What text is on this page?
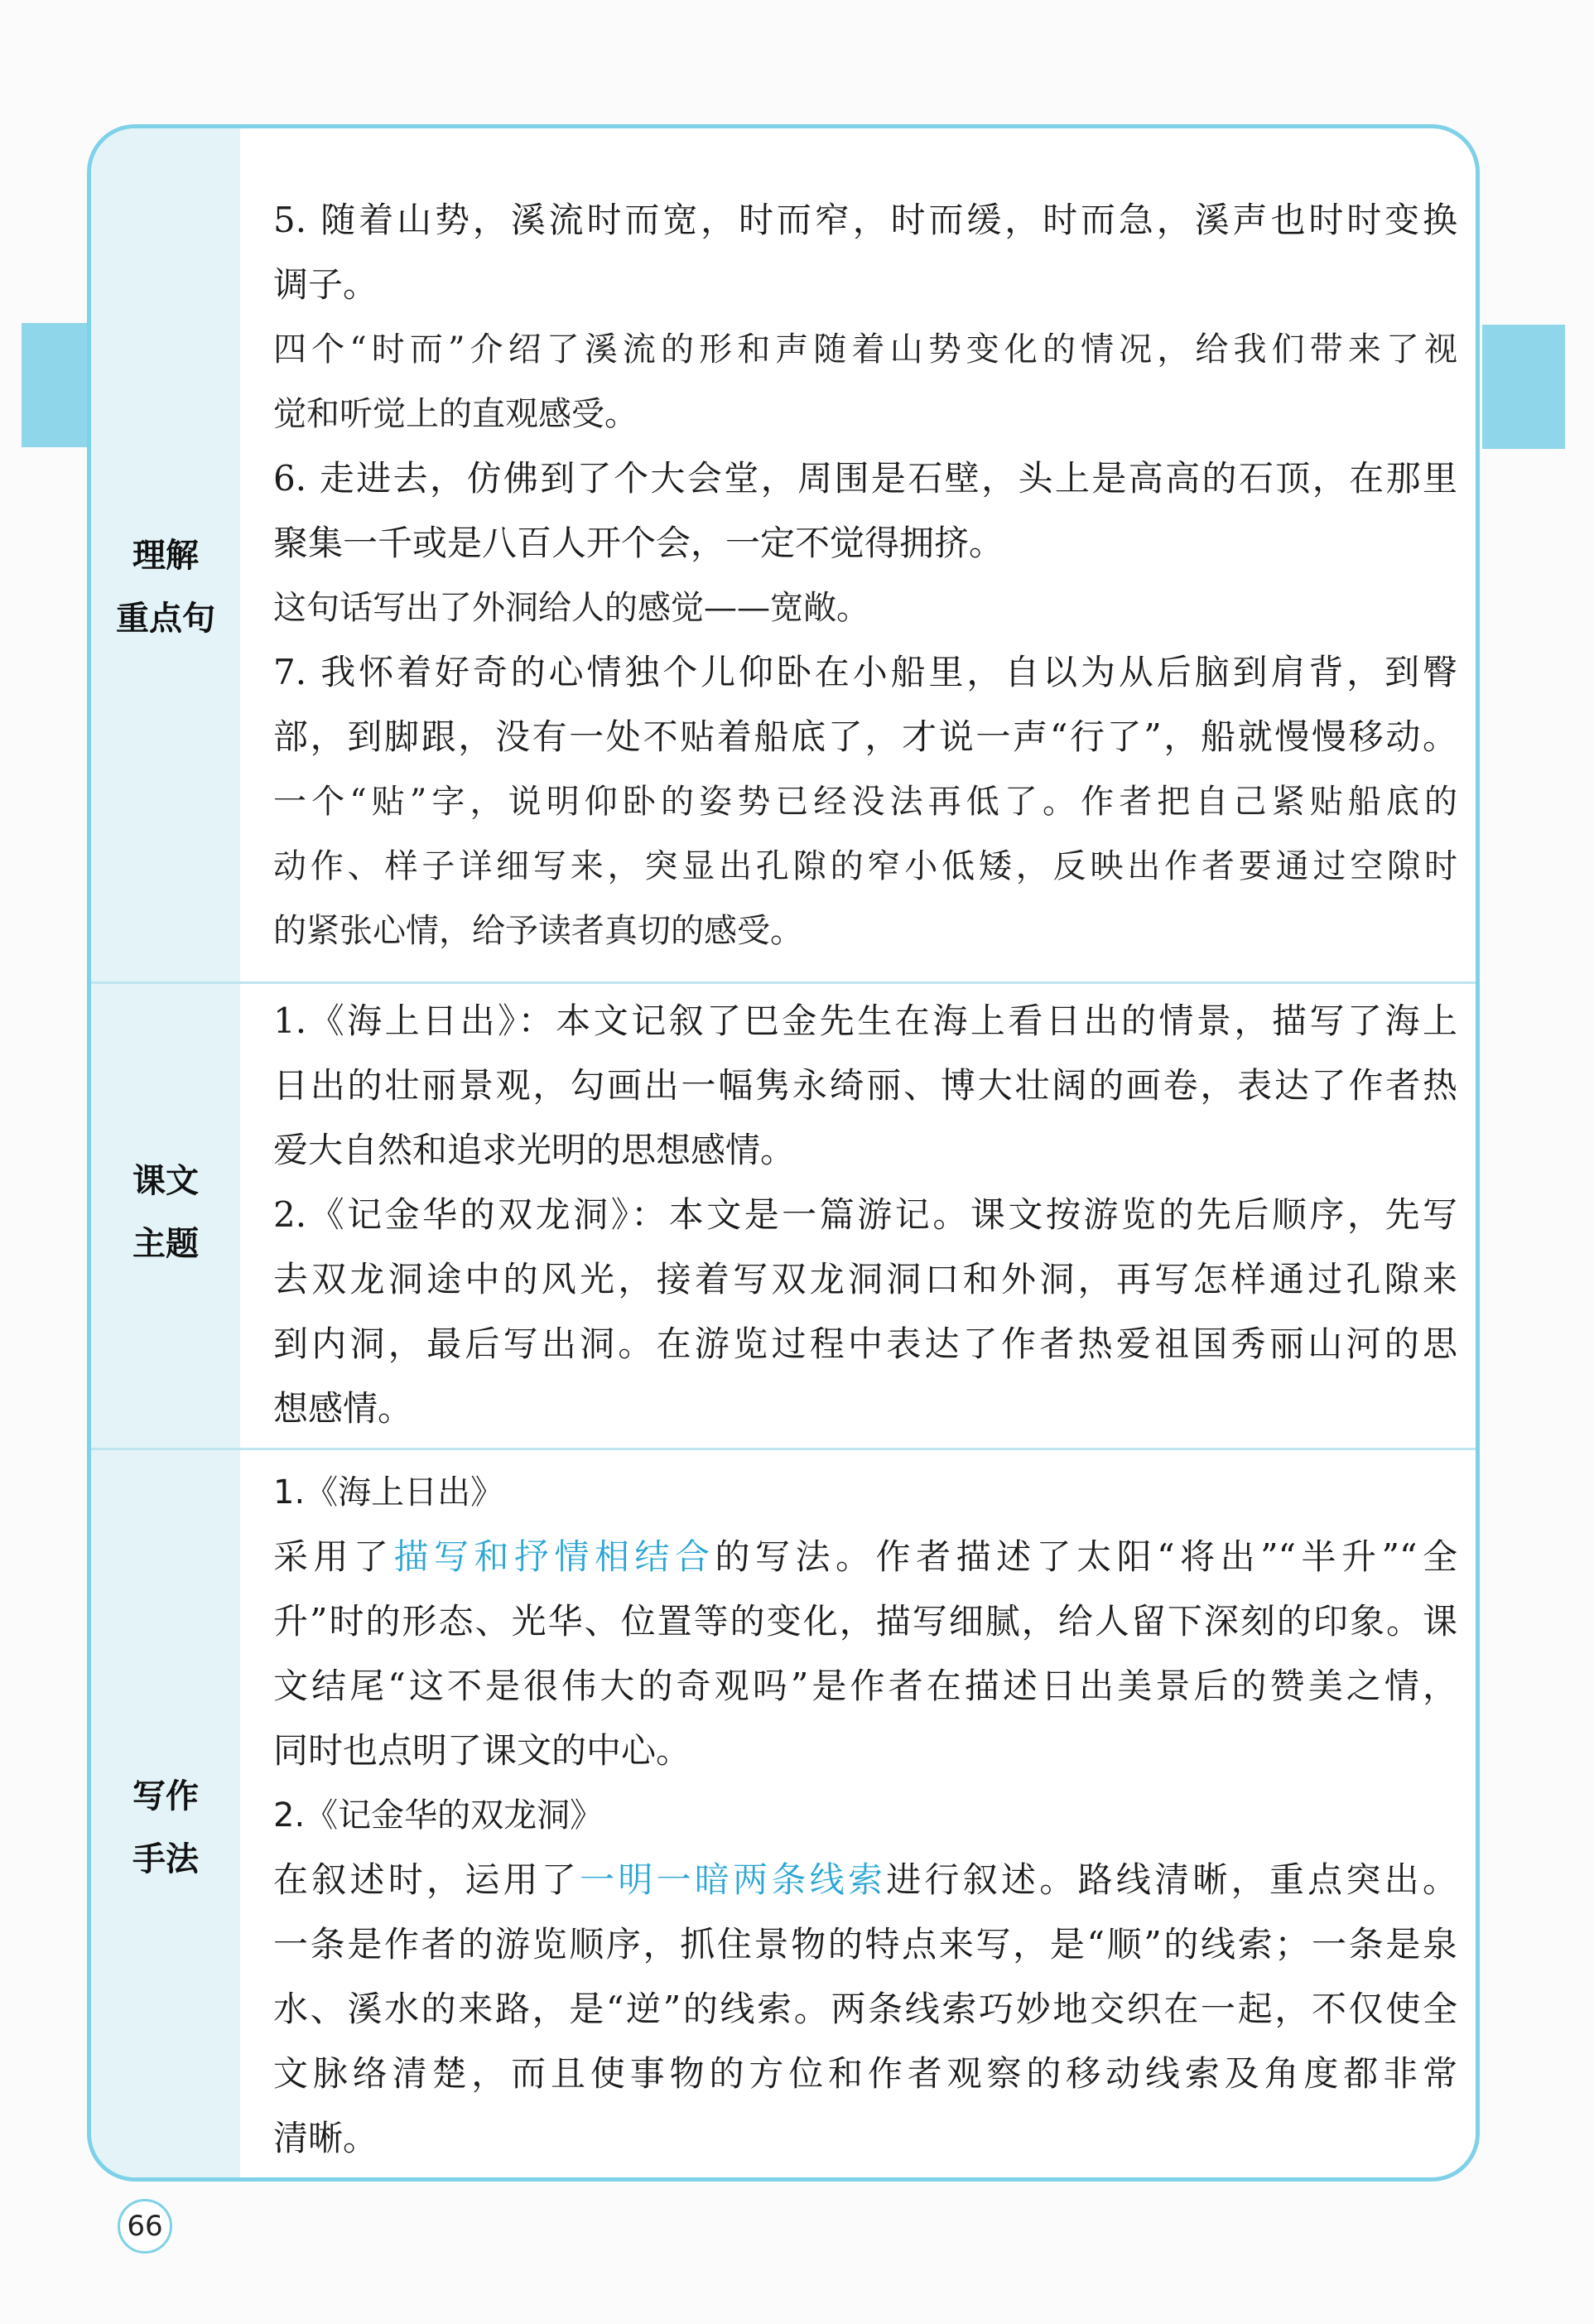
理解
重点句
5. 随着山势，溪流时而宽，时而窄，时而缓，时而急，溪声也时时变换
调子。
四个“时而”介绍了溪流的形和声随着山势变化的情况，给我们带来了视
觉和听觉上的直观感受。
6. 走进去，仿佛到了个大会堂，周围是石壁，头上是高高的石顶，在那里
聚集一千或是八百人开个会，一定不觉得拥挤。
这句话写出了外洞给人的感觉——宽敞。
7. 我怀着好奇的心情独个儿仰卧在小船里，自以为从后脑到肩背，到臀
部，到脚跟，没有一处不贴着船底了，才说一声“行了”，船就慢慢移动。
一个“贴”字，说明仰卧的姿势已经没法再低了。作者把自己紧贴船底的
动作、样子详细写来，突显出孔隙的窄小低矮，反映出作者要通过空隙时
的紧张心情，给予读者真切的感受。
课文
主题
1.《海上日出》：本文记叙了巴金先生在海上看日出的情景，描写了海上
日出的壮丽景观，勾画出一幅隽永绮丽、博大壮阔的画卷，表达了作者热
爱大自然和追求光明的思想感情。
2.《记金华的双龙洞》：本文是一篇游记。课文按游览的先后顺序，先写
去双龙洞途中的风光，接着写双龙洞洞口和外洞，再写怎样通过孔隙来
到内洞，最后写出洞。在游览过程中表达了作者热爱祖国秀丽山河的思
想感情。
写作
手法
1.《海上日出》
采用了描写和抒情相结合的写法。作者描述了太阳“将出”“半升”“全
升”时的形态、光华、位置等的变化，描写细腻，给人留下深刻的印象。课
文结尾“这不是很伟大的奇观吗”是作者在描述日出美景后的赞美之情，
同时也点明了课文的中心。
2.《记金华的双龙洞》
在叙述时，运用了一明一暗两条线索进行叙述。路线清晰，重点突出。
一条是作者的游览顺序，抓住景物的特点来写，是“顺”的线索；一条是泉
水、溪水的来路，是“逆”的线索。两条线索巧妙地交织在一起，不仅使全
文脉络清楚，而且使事物的方位和作者观察的移动线索及角度都非常
清晰。
66
